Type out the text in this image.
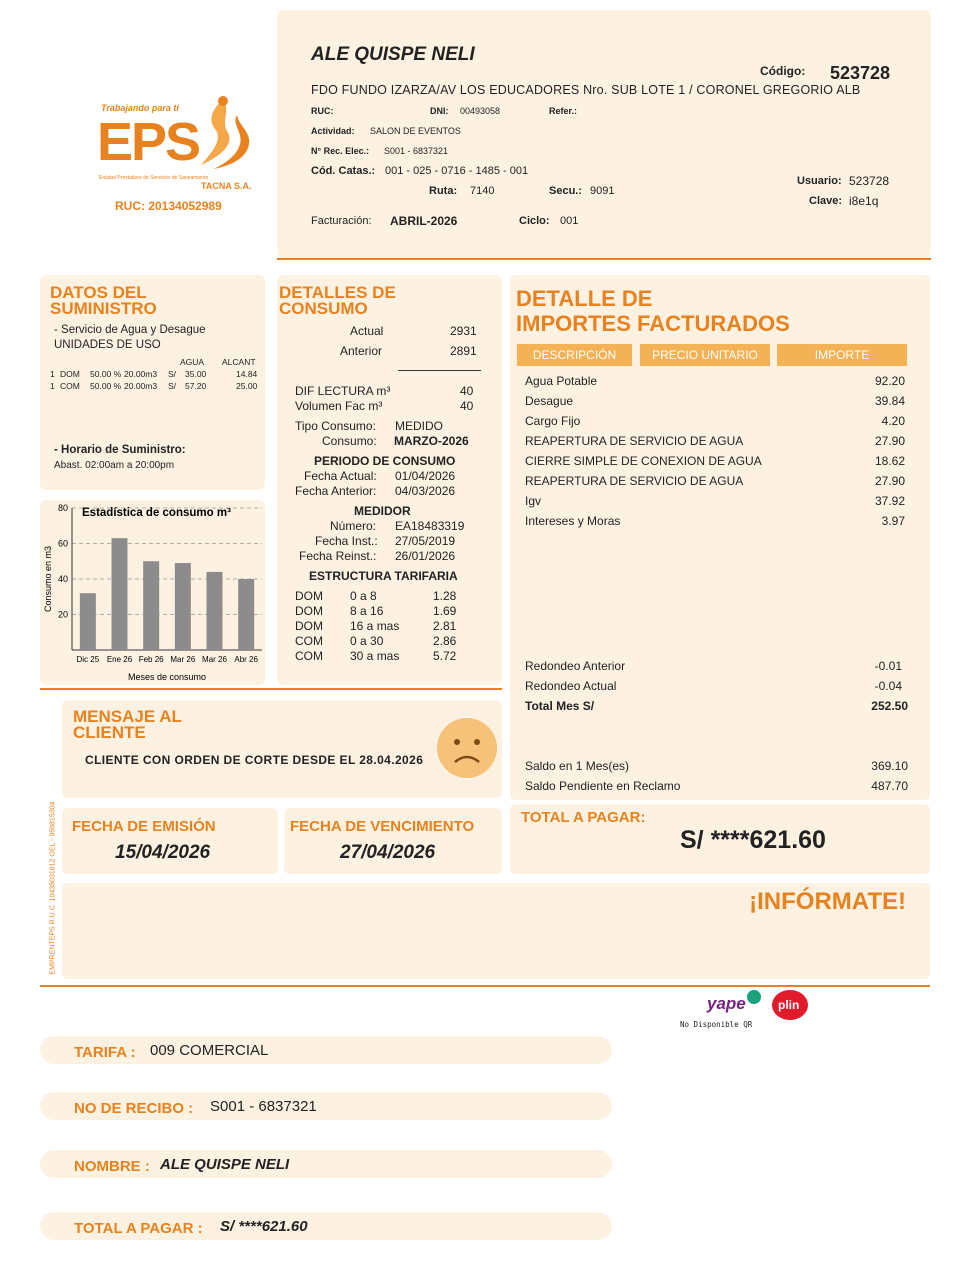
Trabajando para ti
EPS
Entidad Prestadora de Servicios de Saneamiento
TACNA S.A.
RUC: 20134052989
ALE QUISPE NELI
Código: 523728
FDO FUNDO IZARZA/AV LOS EDUCADORES Nro. SUB LOTE 1 / CORONEL GREGORIO ALB
RUC:	DNI: 00493058	Refer.:
Actividad: SALON DE EVENTOS
N° Rec. Elec.: S001 - 6837321
Cód. Catas.: 001 - 025 - 0716 - 1485 - 001
Ruta: 7140	Secu.: 9091
Usuario: 523728
Clave: i8e1q
Facturación: ABRIL-2026	Ciclo: 001
DATOS DEL
SUMINISTRO
- Servicio de Agua y Desague
UNIDADES DE USO
AGUA ALCANT
1 DOM 50.00 % 20.00m3 S/ 35.00	14.84
1 COM 50.00 % 20.00m3 S/ 57.20	25.00
- Horario de Suministro:
Abast. 02:00am a 20:00pm
20
40
60
80
Dic 25 Ene 26 Feb 26 Mar 26 Mar 26 Abr 26
Estadística de consumo m³
Meses de consumo
Consumo en m3
DETALLES DE
CONSUMO
Actual	2931
Anterior	2891
DIF LECTURA m³	40
Volumen Fac m³	40
Tipo Consumo: MEDIDO
Consumo: MARZO-2026
PERIODO DE CONSUMO
Fecha Actual: 01/04/2026
Fecha Anterior: 04/03/2026
MEDIDOR
Número: EA18483319
Fecha Inst.: 27/05/2019
Fecha Reinst.: 26/01/2026
ESTRUCTURA TARIFARIA
DOM 0 a 8	1.28
DOM 8 a 16	1.69
DOM 16 a mas	2.81
COM 0 a 30	2.86
COM 30 a mas	5.72
DETALLE DE
IMPORTES FACTURADOS
DESCRIPCIÓN	PRECIO UNITARIO	IMPORTE
Agua Potable	92.20
Desague	39.84
Cargo Fijo	4.20
REAPERTURA DE SERVICIO DE AGUA	27.90
CIERRE SIMPLE DE CONEXION DE AGUA	18.62
REAPERTURA DE SERVICIO DE AGUA	27.90
Igv	37.92
Intereses y Moras	3.97
Redondeo Anterior	-0.01
Redondeo Actual	-0.04
Total Mes S/	252.50
Saldo en 1 Mes(es)	369.10
Saldo Pendiente en Reclamo	487.70
MENSAJE AL
CLIENTE
CLIENTE CON ORDEN DE CORTE DESDE EL 28.04.2026
EMPRENTEPS R.U.C. 10435031012 OEL - 956815304 FECHA DE EMISIÓN
15/04/2026
FECHA DE VENCIMIENTO
27/04/2026
TOTAL A PAGAR:
S/ ****621.60
¡INFÓRMATE!
yape	plin
No Disponible QR
TARIFA : 009 COMERCIAL
NO DE RECIBO : S001 - 6837321
NOMBRE : ALE QUISPE NELI
TOTAL A PAGAR : S/ ****621.60
